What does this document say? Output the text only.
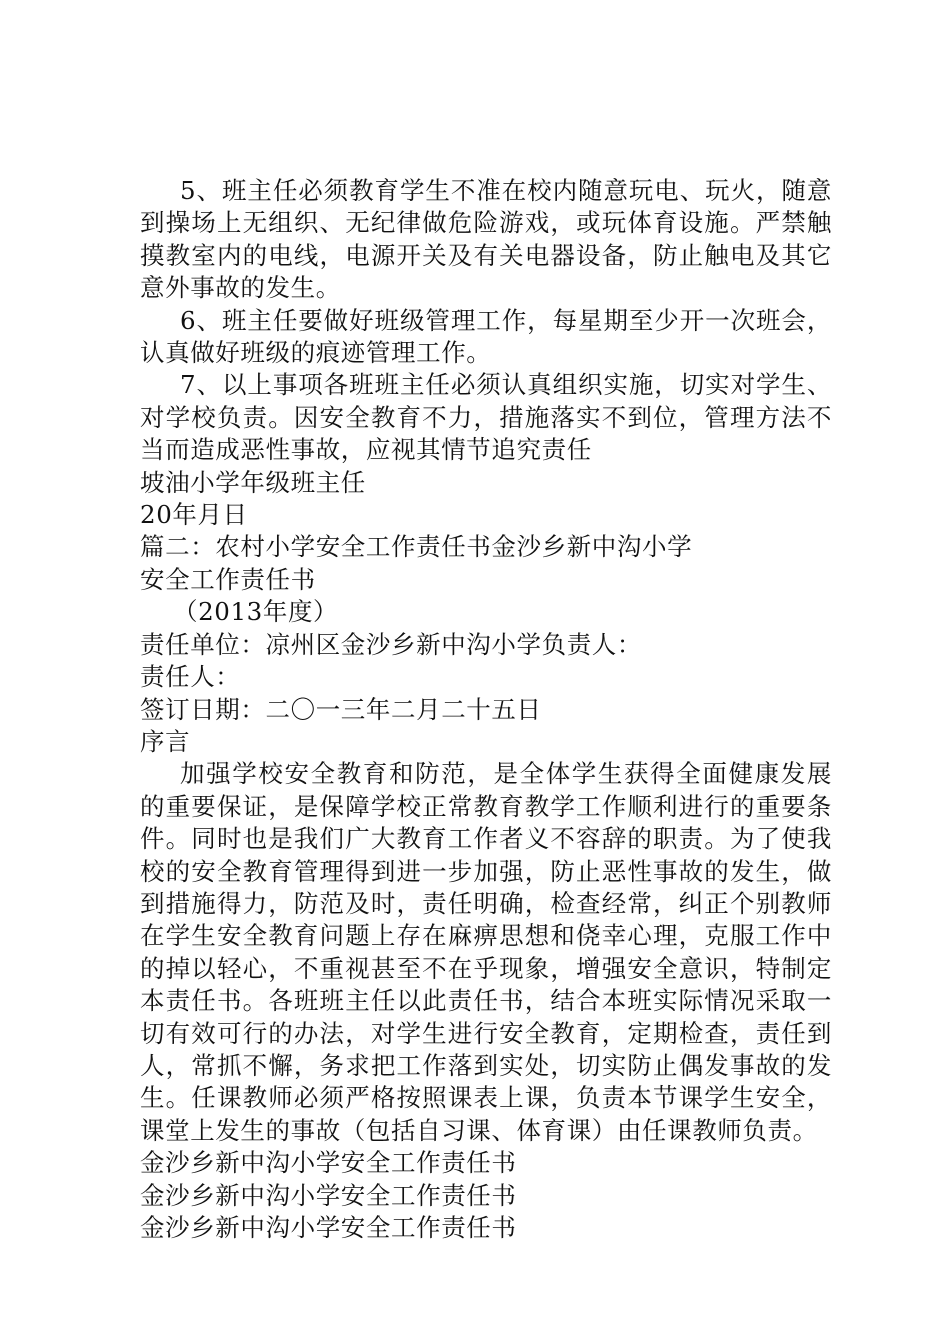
5、班主任必须教育学生不准在校内随意玩电、玩火，随意到操场上无组织、无纪律做危险游戏，或玩体育设施。严禁触摸教室内的电线，电源开关及有关电器设备，防止触电及其它意外事故的发生。

6、班主任要做好班级管理工作，每星期至少开一次班会，认真做好班级的痕迹管理工作。

7、以上事项各班班主任必须认真组织实施，切实对学生、对学校负责。因安全教育不力，措施落实不到位，管理方法不当而造成恶性事故，应视其情节追究责任

坡油小学年级班主任

20年月日

篇二：农村小学安全工作责任书金沙乡新中沟小学

安全工作责任书

（2013年度）

责任单位：凉州区金沙乡新中沟小学负责人：

责任人：

签订日期：二〇一三年二月二十五日

序言

加强学校安全教育和防范，是全体学生获得全面健康发展的重要保证，是保障学校正常教育教学工作顺利进行的重要条件。同时也是我们广大教育工作者义不容辞的职责。为了使我校的安全教育管理得到进一步加强，防止恶性事故的发生，做到措施得力，防范及时，责任明确，检查经常，纠正个别教师在学生安全教育问题上存在麻痹思想和侥幸心理，克服工作中的掉以轻心，不重视甚至不在乎现象，增强安全意识，特制定本责任书。各班班主任以此责任书，结合本班实际情况采取一切有效可行的办法，对学生进行安全教育，定期检查，责任到人，常抓不懈，务求把工作落到实处，切实防止偶发事故的发生。任课教师必须严格按照课表上课，负责本节课学生安全，课堂上发生的事故（包括自习课、体育课）由任课教师负责。

金沙乡新中沟小学安全工作责任书

金沙乡新中沟小学安全工作责任书

金沙乡新中沟小学安全工作责任书
